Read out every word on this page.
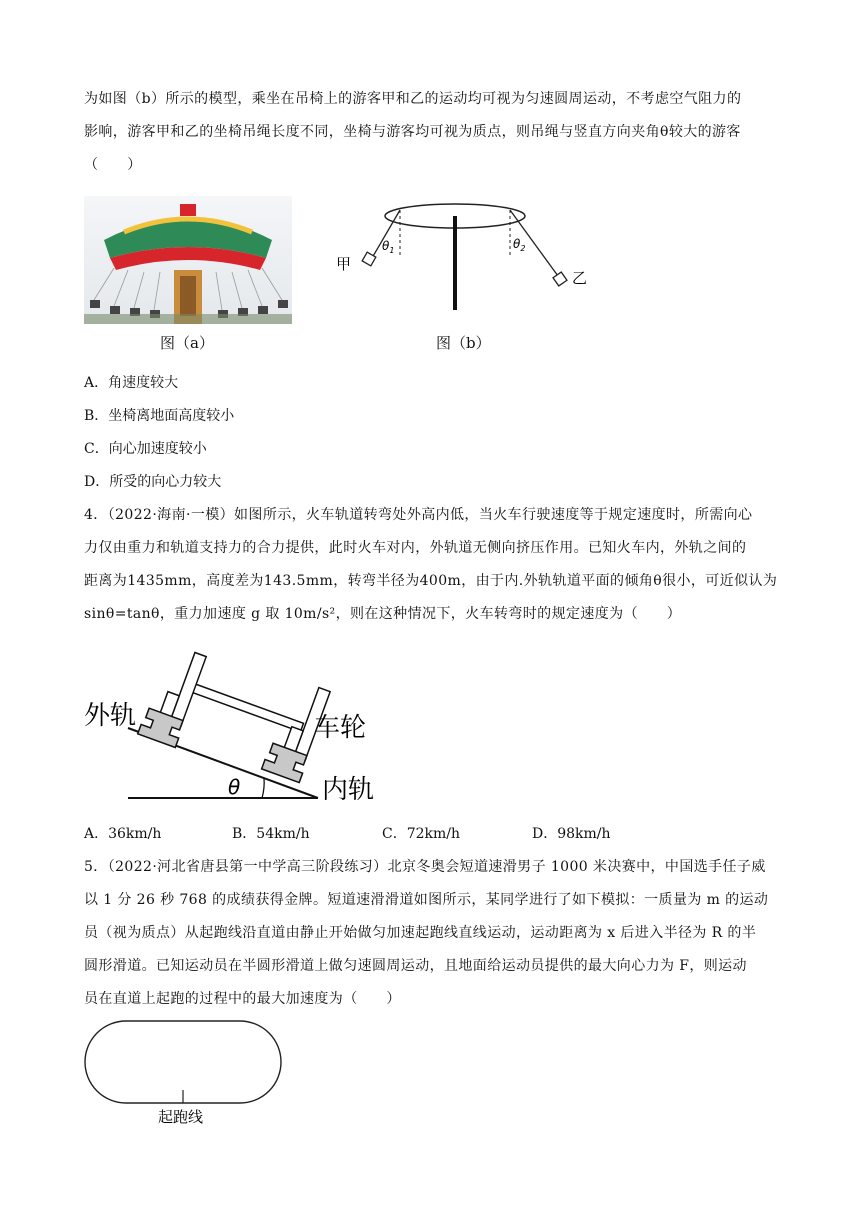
为如图（b）所示的模型，乘坐在吊椅上的游客甲和乙的运动均可视为匀速圆周运动，不考虑空气阻力的
影响，游客甲和乙的坐椅吊绳长度不同，坐椅与游客均可视为质点，则吊绳与竖直方向夹角θ较大的游客
（　　）
图（a）
$\theta_1$	$\theta_2$
甲
乙
图（b）
A．角速度较大
B．坐椅离地面高度较小
C．向心加速度较小
D．所受的向心力较大
4．（2022·海南·一模）如图所示，火车轨道转弯处外高内低，当火车行驶速度等于规定速度时，所需向心
力仅由重力和轨道支持力的合力提供，此时火车对内，外轨道无侧向挤压作用。已知火车内，外轨之间的
距离为1435mm，高度差为143.5mm，转弯半径为400m，由于内.外轨轨道平面的倾角θ很小，可近似认为
sinθ=tanθ，重力加速度 g 取 10m/s²，则在这种情况下，火车转弯时的规定速度为（　　）
θ
外轨	车轮
内轨
A．36km/h	B．54km/h	C．72km/h	D．98km/h
5．（2022·河北省唐县第一中学高三阶段练习）北京冬奥会短道速滑男子 1000 米决赛中，中国选手任子威
以 1 分 26 秒 768 的成绩获得金牌。短道速滑滑道如图所示，某同学进行了如下模拟：一质量为 m 的运动
员（视为质点）从起跑线沿直道由静止开始做匀加速起跑线直线运动，运动距离为 x 后进入半径为 R 的半
圆形滑道。已知运动员在半圆形滑道上做匀速圆周运动，且地面给运动员提供的最大向心力为 F，则运动
员在直道上起跑的过程中的最大加速度为（　　）
起跑线
